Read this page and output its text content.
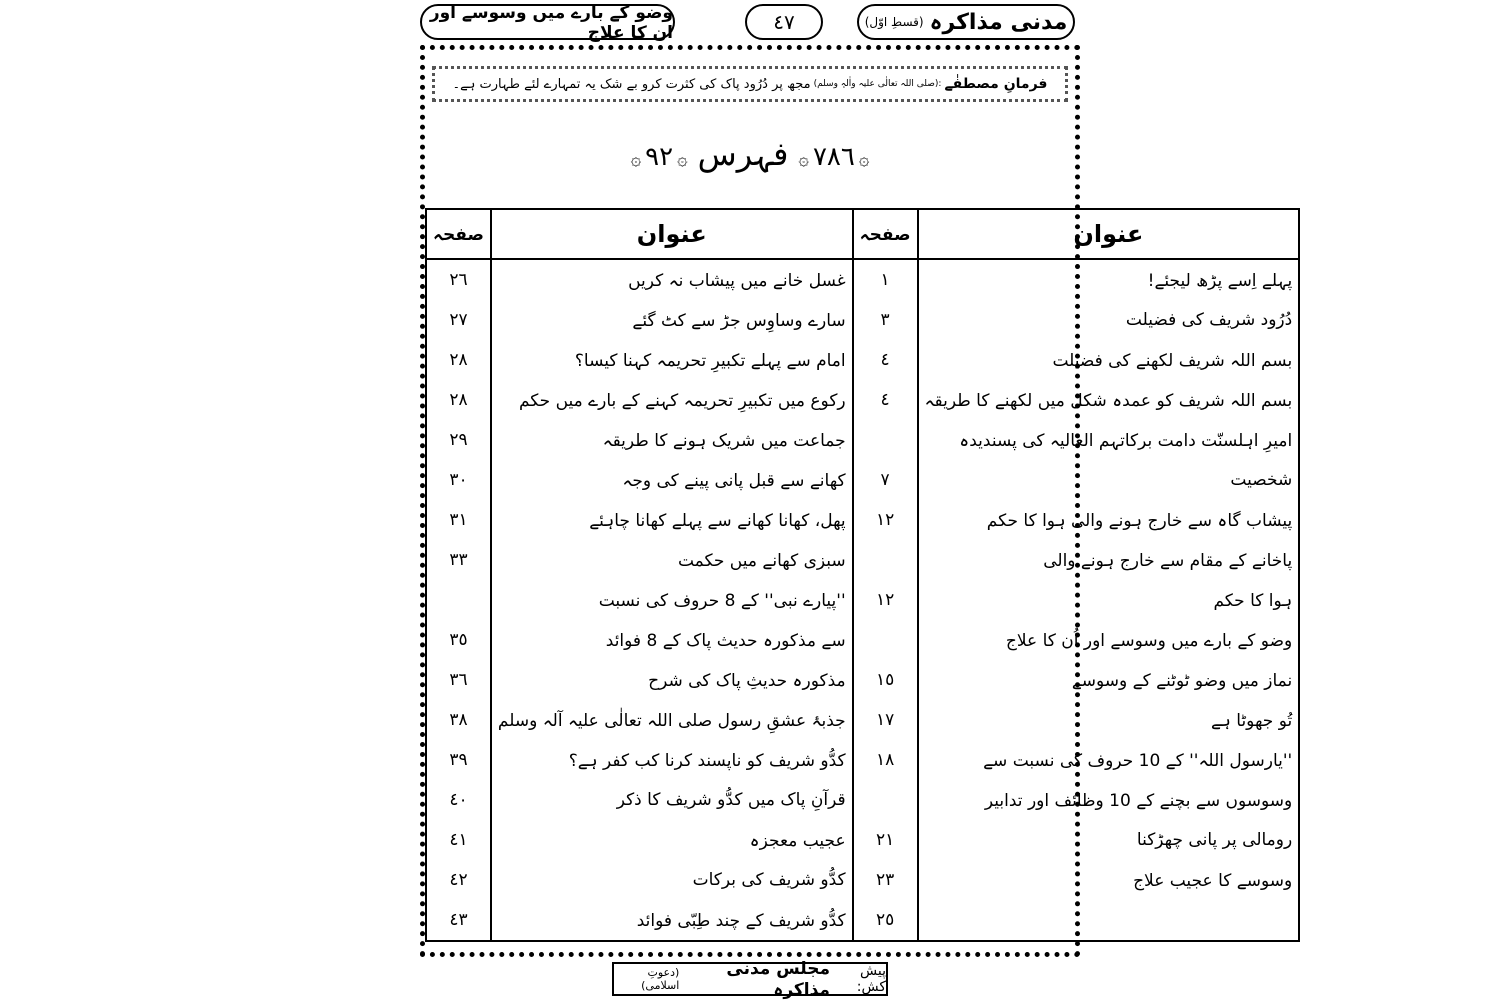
مدنی مذاکرہ
(قسطِ اوّل)
٤٧
وضو کے بارے میں وسوسے اور ان کا علاج
فرمانِ مصطفٰے
:(صلی اللہ تعالٰی علیہ واٰلہٖ وسلم)
مجھ پر دُرُود پاک کی کثرت کرو بے شک یہ تمہارے لئے طہارت ہے۔
۞٧٨٦۞فہرس۞٩٢۞
عنوان	صفحہ	عنوان	صفحہ
پہلے اِسے پڑھ لیجئے!	١	غسل خانے میں پیشاب نہ کریں	٢٦
دُرُود شریف کی فضیلت	٣	سارے وساوِس جڑ سے کٹ گئے	٢٧
بسم اللہ شریف لکھنے کی فضیلت	٤	امام سے پہلے تکبیرِ تحریمہ کہنا کیسا؟	٢٨
بسم اللہ شریف کو عمدہ شکل میں لکھنے کا طریقہ	٤	رکوع میں تکبیرِ تحریمہ کہنے کے بارے میں حکم	٢٨
امیرِ اہلسنّت دامت برکاتہم العالیہ کی پسندیدہ		جماعت میں شریک ہونے کا طریقہ	٢٩
شخصیت	٧	کھانے سے قبل پانی پینے کی وجہ	٣٠
پیشاب گاہ سے خارج ہونے والی ہوا کا حکم	١٢	پھل، کھانا کھانے سے پہلے کھانا چاہئے	٣١
پاخانے کے مقام سے خارج ہونے والی		سبزی کھانے میں حکمت	٣٣
ہوا کا حکم	١٢	''پیارے نبی'' کے 8 حروف کی نسبت	
وضو کے بارے میں وسوسے اور اُن کا علاج		سے مذکورہ حدیث پاک کے 8 فوائد	٣٥
نماز میں وضو ٹوٹنے کے وسوسے	١٥	مذکورہ حدیثِ پاک کی شرح	٣٦
تُو جھوٹا ہے	١٧	جذبۂ عشقِ رسول صلی اللہ تعالٰی علیہ آلہ وسلم	٣٨
''یارسول اللہ'' کے 10 حروف کی نسبت سے	١٨	کدُّو شریف کو ناپسند کرنا کب کفر ہے؟	٣٩
وسوسوں سے بچنے کے 10 وظائف اور تدابیر		قرآنِ پاک میں کدُّو شریف کا ذکر	٤٠
رومالی پر پانی چھڑکنا	٢١	عجیب معجزہ	٤١
وسوسے کا عجیب علاج	٢٣	کدُّو شریف کی برکات	٤٢
	٢٥	کدُّو شریف کے چند طِبّی فوائد	٤٣
پیش کش:
مجلس مدنی مذاکرہ
(دعوتِ اسلامی)
